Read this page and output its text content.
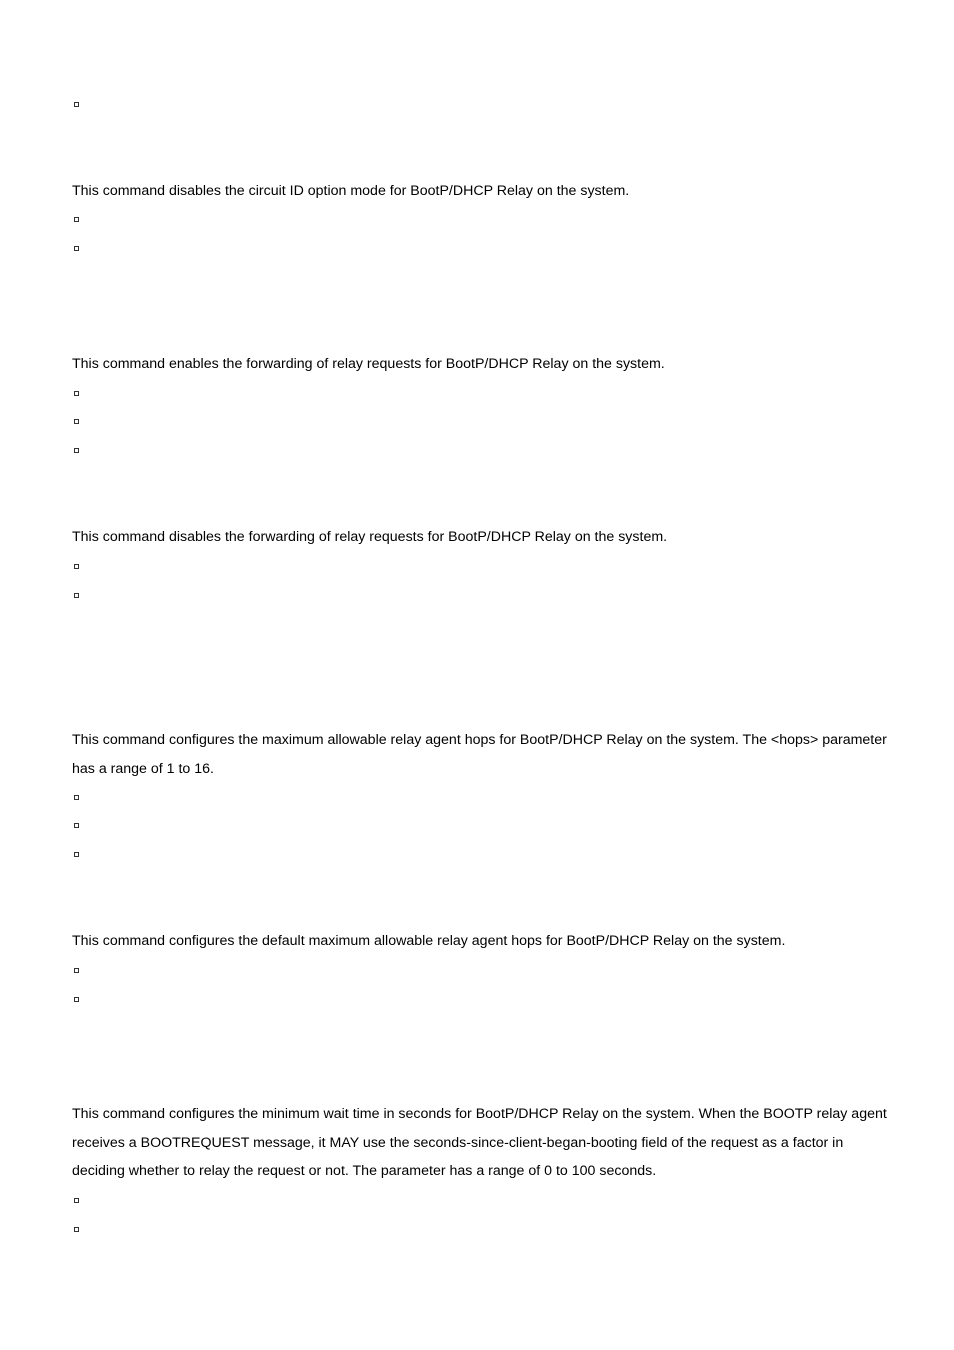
This command disables the circuit ID option mode for BootP/DHCP Relay on the system.

This command enables the forwarding of relay requests for BootP/DHCP Relay on the system.

This command disables the forwarding of relay requests for BootP/DHCP Relay on the system.

This command configures the maximum allowable relay agent hops for BootP/DHCP Relay on the system. The <hops> parameter has a range of 1 to 16.

This command configures the default maximum allowable relay agent hops for BootP/DHCP Relay on the system.

This command configures the minimum wait time in seconds for BootP/DHCP Relay on the system. When the BOOTP relay agent receives a BOOTREQUEST message, it MAY use the seconds-since-client-began-booting field of the request as a factor in deciding whether to relay the request or not. The parameter has a range of 0 to 100 seconds.
